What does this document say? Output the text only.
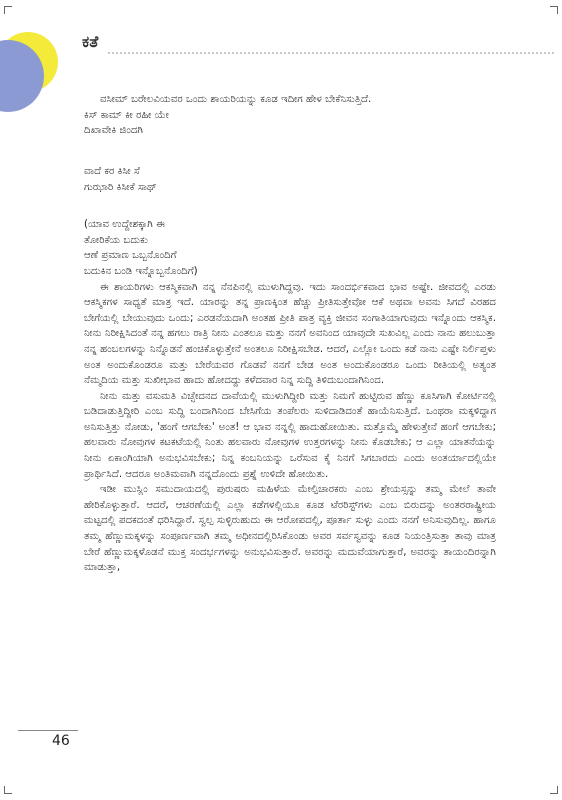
ಕತೆ

ವಸೀಮ್ ಬರೇಲವಿಯವರ ಒಂದು ಶಾಯರಿಯನ್ನು ಕೂಡ ಇದೀಗ ಹೇಳ ಬೇಕೆನಿಸುತ್ತಿದೆ.

ಕಿಸ್ ಕಾಮ್ ಕೀ ರಹೀ ಯೇ
ದಿಖಾವೇಕಿ ಜಿಂದಗಿ
ವಾದೆ ಕರ ಕಿಸೀ ಸೆ
ಗುಝಾರಿ ಕಿಸೀಕೆ ಸಾಥ್
(ಯಾವ ಉದ್ದೇಶಕ್ಕಾಗಿ ಈ
ತೋರಿಕೆಯ ಬದುಕು
ಆಣೆ ಪ್ರಮಾಣ ಒಬ್ಬನೊಂದಿಗೆ
ಬದುಕಿನ ಬಂಡಿ ಇನ್ನೊಬ್ಬನೊಂದಿಗೆ)

ಈ ಶಾಯರಿಗಳು ಆಕಸ್ಮಿಕವಾಗಿ ನನ್ನ ನೆನಪಿನಲ್ಲಿ ಮುಳುಗಿದ್ದವು. ಇದು ಸಾಂದರ್ಭಿಕವಾದ ಭಾವ ಅಷ್ಟೇ. ಜೀವದಲ್ಲಿ ಎರಡು ಆಕಸ್ಮಿಕಗಳ ಸಾಧ್ಯತೆ ಮಾತ್ರ ಇದೆ. ಯಾರನ್ನು ತನ್ನ ಪ್ರಾಣಕ್ಕಿಂತ ಹೆಚ್ಚು ಪ್ರೀತಿಸುತ್ತೇವೋ ಆಕೆ ಅಥವಾ ಅವನು ಸಿಗದೆ ವಿರಹದ ಬೇಗೆಯಲ್ಲಿ ಬೇಯುವುದು ಒಂದು; ಎರಡನೆಯದಾಗಿ ಅಂತಹ ಪ್ರೀತಿ ಪಾತ್ರ ವ್ಯಕ್ತಿ ಜೀವನ ಸಂಗಾತಿಯಾಗುವುದು ಇನ್ನೊಂದು ಆಕಸ್ಮಿಕ. ನೀನು ನಿರೀಕ್ಷಿಸಿದಂತೆ ನನ್ನ ಹಗಲು ರಾತ್ರಿ ನೀನು ಎಂತಲೂ ಮತ್ತು ನನಗೆ ಅವನಿಂದ ಯಾವುದೇ ಸುಖವಿಲ್ಲ ಎಂದು ನಾನು ಹಲುಬುತ್ತಾ ನನ್ನ ಹಂಬಲಗಳನ್ನು ನಿನ್ನೊಡನೆ ಹಂಚಿಕೊಳ್ಳುತ್ತೇನೆ ಅಂತಲೂ ನಿರೀಕ್ಷಿಸಬೇಡ. ಆದರೆ, ಎಲ್ಲೋ ಒಂದು ಕಡೆ ನಾನು ಎಷ್ಟೇ ನಿರ್ಲಿಪ್ತಳು ಅಂತ ಅಂದುಕೊಂಡರೂ ಮತ್ತು ಬೇರೆಯವರ ಗೊಡವೆ ನನಗೆ ಬೇಡ ಅಂತ ಅಂದುಕೊಂಡರೂ ಒಂದು ರೀತಿಯಲ್ಲಿ ಅತ್ಯಂತ ನೆಮ್ಮದಿಯ ಮತ್ತು ಸುಖೀಭಾವ ಹಾದು ಹೋದದ್ದು ಕಳೆದವಾರ ನಿನ್ನ ಸುದ್ದಿ ತಿಳಿದುಬಂದಾಗಿನಿಂದ.

ನೀನು ಮತ್ತು ವಸುಮತಿ ವಿಚ್ಛೇದನದ ದಾವೆಯಲ್ಲಿ ಮುಳುಗಿದ್ದೀರಿ ಮತ್ತು ನಿಮಗೆ ಹುಟ್ಟಿರುವ ಹೆಣ್ಣು ಕೂಸಿಗಾಗಿ ಕೋರ್ಟಿನಲ್ಲಿ ಬಡಿದಾಡುತ್ತಿದ್ದೀರಿ ಎಂಬ ಸುದ್ದಿ ಬಂದಾಗಿನಿಂದ ಬೇಸಿಗೆಯ ತಂಪೆಲರು ಸುಳಿದಾಡಿದಂತೆ ಹಾಯೆನಿಸುತ್ತಿದೆ. ಒಂಥರಾ ಮಕ್ಕಳಿದ್ದಾಗ ಅನಿಸುತ್ತಿತ್ತು ನೋಡು, 'ಹಂಗೆ ಆಗಬೇಕು' ಅಂತ! ಆ ಭಾವ ನನ್ನಲ್ಲಿ ಹಾದುಹೋಯಿತು. ಮತ್ತೊಮ್ಮೆ ಹೇಳುತ್ತೇನೆ ಹಂಗೆ ಆಗಬೇಕು; ಹಲವಾರು ನೋವುಗಳ ಕಟಕಟೆಯಲ್ಲಿ ನಿಂತು ಹಲವಾರು ನೋವುಗಳ ಉತ್ತರಗಳನ್ನು ನೀನು ಕೊಡಬೇಕು; ಆ ಎಲ್ಲಾ ಯಾತನೆಯನ್ನು ನೀನು ಏಕಾಂಗಿಯಾಗಿ ಅನುಭವಿಸಬೇಕು; ನಿನ್ನ ಕಂಬನಿಯನ್ನು ಒರೆಸುವ ಕೈ ನಿನಗೆ ಸಿಗಬಾರದು ಎಂದು ಅಂತರ್ಯಾದಲ್ಲಿಯೇ ಪ್ರಾರ್ಥಿಸಿದೆ. ಆದರೂ ಅಂತಿಮವಾಗಿ ನನ್ನದೊಂದು ಪ್ರಶ್ನೆ ಉಳಿದೇ ಹೋಯಿತು.

ಇಡೀ ಮುಸ್ಲಿಂ ಸಮುದಾಯದಲ್ಲಿ ಪುರುಷರು ಮಹಿಳೆಯ ಮೇಲ್ಪಿಚಾರಕರು ಎಂಬ ಶ್ರೇಯಸ್ಸನ್ನು ತಮ್ಮ ಮೇಲೆ ತಾವೇ ಹೇರಿಕೊಳ್ಳುತ್ತಾರೆ. ಆದರೆ, ಆಚರಣೆಯಲ್ಲಿ ಎಲ್ಲಾ ಕಡೆಗಳಲ್ಲಿಯೂ ಕೂಡ ಟೆರರಿಸ್ಟ್‌ಗಳು ಎಂಬ ಬಿರುದನ್ನು ಅಂತರರಾಷ್ಟ್ರೀಯ ಮಟ್ಟದಲ್ಲಿ ಪದಕದಂತೆ ಧರಿಸಿದ್ದಾರೆ. ಸ್ವಲ್ಪ ಸುಳ್ಳಿರುಹುದು ಈ ಆರೋಪದಲ್ಲಿ, ಪೂರ್ತಾ ಸುಳ್ಳು ಎಂದು ನನಗೆ ಅನಿಸುವುದಿಲ್ಲ. ಹಾಗೂ ತಮ್ಮ ಹೆಣ್ಣುಮಕ್ಕಳನ್ನು ಸಂಪೂರ್ಣವಾಗಿ ತಮ್ಮ ಅಧೀನದಲ್ಲಿರಿಸಿಕೊಂಡು ಅವರ ಸರ್ವಸ್ವವನ್ನು ಕೂಡ ನಿಯಂತ್ರಿಸುತ್ತಾ ತಾವು ಮಾತ್ರ ಬೇರೆ ಹೆಣ್ಣುಮಕ್ಕಳೊಡನೆ ಮುಕ್ತ ಸಂದರ್ಭಗಳನ್ನು ಅನುಭವಿಸುತ್ತಾರೆ. ಅವರನ್ನು ಮದುವೆಯಾಗುತ್ತಾರೆ, ಅವರನ್ನು ತಾಯಂದಿರನ್ನಾಗಿ ಮಾಡುತ್ತಾ,

46
